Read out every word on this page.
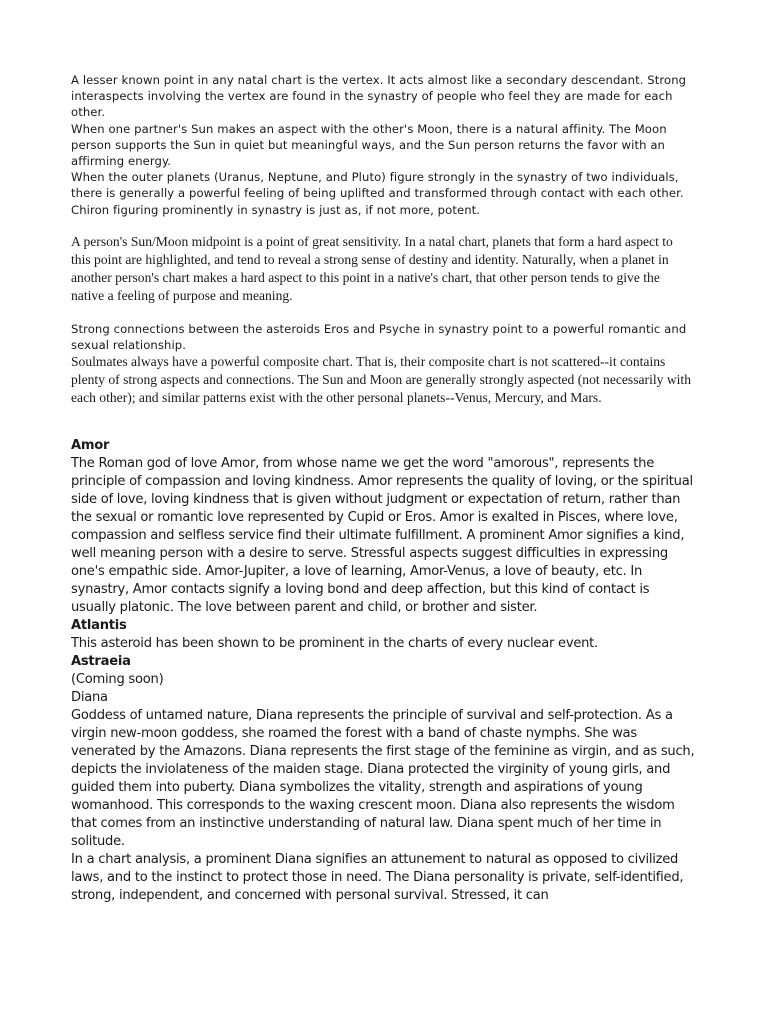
A lesser known point in any natal chart is the vertex. It acts almost like a secondary descendant. Strong interaspects involving the vertex are found in the synastry of people who feel they are made for each other.

When one partner's Sun makes an aspect with the other's Moon, there is a natural affinity. The Moon person supports the Sun in quiet but meaningful ways, and the Sun person returns the favor with an affirming energy.

When the outer planets (Uranus, Neptune, and Pluto) figure strongly in the synastry of two individuals, there is generally a powerful feeling of being uplifted and transformed through contact with each other. Chiron figuring prominently in synastry is just as, if not more, potent.

A person's Sun/Moon midpoint is a point of great sensitivity. In a natal chart, planets that form a hard aspect to this point are highlighted, and tend to reveal a strong sense of destiny and identity. Naturally, when a planet in another person's chart makes a hard aspect to this point in a native's chart, that other person tends to give the native a feeling of purpose and meaning.

Strong connections between the asteroids Eros and Psyche in synastry point to a powerful romantic and sexual relationship.

Soulmates always have a powerful composite chart. That is, their composite chart is not scattered--it contains plenty of strong aspects and connections. The Sun and Moon are generally strongly aspected (not necessarily with each other); and similar patterns exist with the other personal planets--Venus, Mercury, and Mars.

Amor

The Roman god of love Amor, from whose name we get the word "amorous", represents the principle of compassion and loving kindness. Amor represents the quality of loving, or the spiritual side of love, loving kindness that is given without judgment or expectation of return, rather than the sexual or romantic love represented by Cupid or Eros. Amor is exalted in Pisces, where love, compassion and selfless service find their ultimate fulfillment. A prominent Amor signifies a kind, well meaning person with a desire to serve. Stressful aspects suggest difficulties in expressing one's empathic side. Amor-Jupiter, a love of learning, Amor-Venus, a love of beauty, etc. In synastry, Amor contacts signify a loving bond and deep affection, but this kind of contact is usually platonic. The love between parent and child, or brother and sister.

Atlantis

This asteroid has been shown to be prominent in the charts of every nuclear event.

Astraeia

(Coming soon)

Diana

Goddess of untamed nature, Diana represents the principle of survival and self-protection. As a virgin new-moon goddess, she roamed the forest with a band of chaste nymphs. She was venerated by the Amazons. Diana represents the first stage of the feminine as virgin, and as such, depicts the inviolateness of the maiden stage. Diana protected the virginity of young girls, and guided them into puberty. Diana symbolizes the vitality, strength and aspirations of young womanhood. This corresponds to the waxing crescent moon. Diana also represents the wisdom that comes from an instinctive understanding of natural law. Diana spent much of her time in solitude.

In a chart analysis, a prominent Diana signifies an attunement to natural as opposed to civilized laws, and to the instinct to protect those in need. The Diana personality is private, self-identified, strong, independent, and concerned with personal survival. Stressed, it can
